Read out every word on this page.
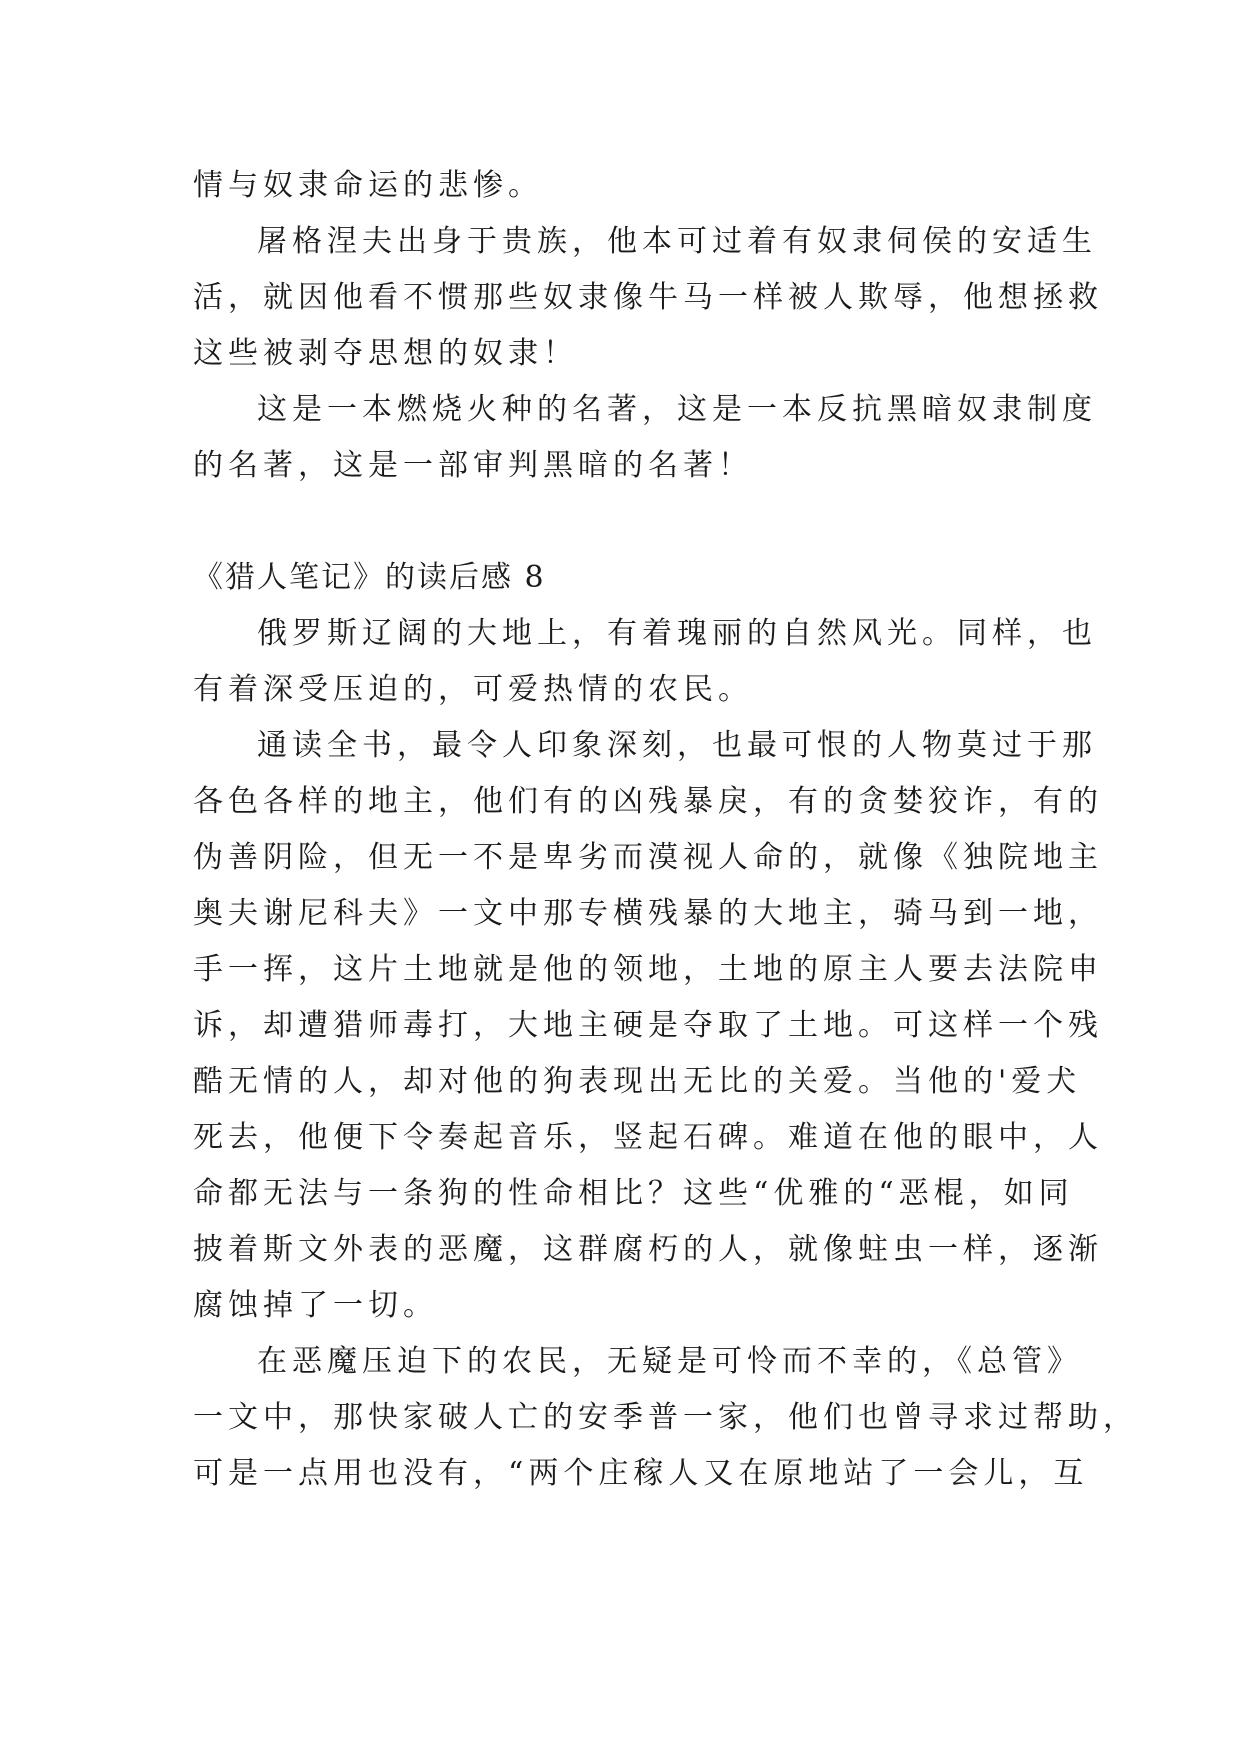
情与奴隶命运的悲惨。
屠格涅夫出身于贵族，他本可过着有奴隶伺侯的安适生
活，就因他看不惯那些奴隶像牛马一样被人欺辱，他想拯救
这些被剥夺思想的奴隶！
这是一本燃烧火种的名著，这是一本反抗黑暗奴隶制度
的名著，这是一部审判黑暗的名著！
《猎人笔记》的读后感 8
俄罗斯辽阔的大地上，有着瑰丽的自然风光。同样，也
有着深受压迫的，可爱热情的农民。
通读全书，最令人印象深刻，也最可恨的人物莫过于那
各色各样的地主，他们有的凶残暴戾，有的贪婪狡诈，有的
伪善阴险，但无一不是卑劣而漠视人命的，就像《独院地主
奥夫谢尼科夫》一文中那专横残暴的大地主，骑马到一地，
手一挥，这片土地就是他的领地，土地的原主人要去法院申
诉，却遭猎师毒打，大地主硬是夺取了土地。可这样一个残
酷无情的人，却对他的狗表现出无比的关爱。当他的'爱犬
死去，他便下令奏起音乐，竖起石碑。难道在他的眼中，人
命都无法与一条狗的性命相比？这些“优雅的“恶棍，如同
披着斯文外表的恶魔，这群腐朽的人，就像蛀虫一样，逐渐
腐蚀掉了一切。
在恶魔压迫下的农民，无疑是可怜而不幸的，《总管》
一文中，那快家破人亡的安季普一家，他们也曾寻求过帮助，
可是一点用也没有，“两个庄稼人又在原地站了一会儿，互
